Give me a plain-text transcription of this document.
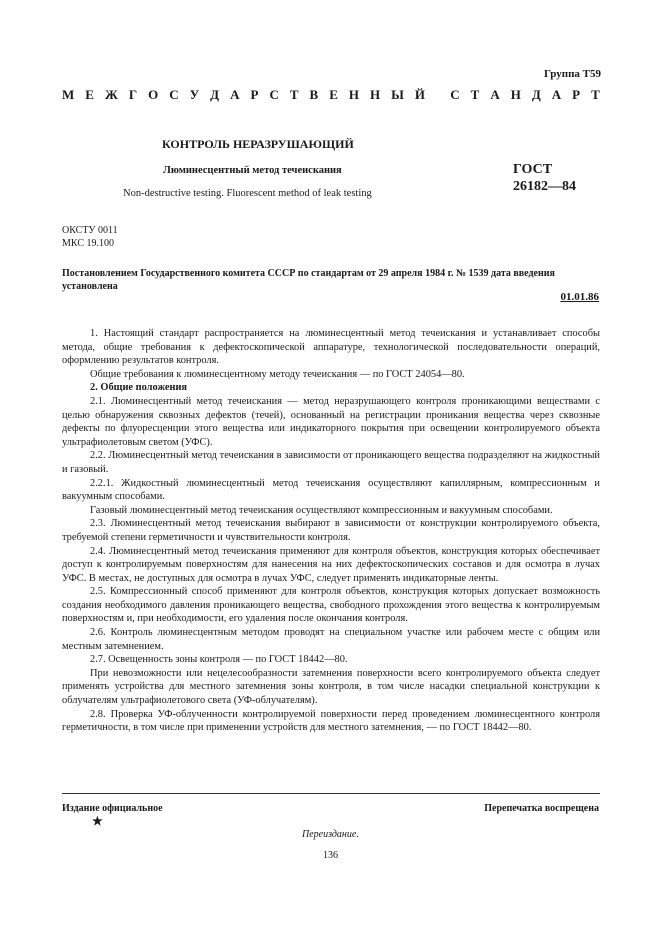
Группа Т59
М Е Ж Г О С У Д А Р С Т В Е Н Н Ы Й
С Т А Н Д А Р Т
КОНТРОЛЬ НЕРАЗРУШАЮЩИЙ
Люминесцентный метод течеискания	ГОСТ
26182—84
Non-destructive testing. Fluorescent method of leak testing
ОКСТУ 0011
МКС 19.100
Постановлением Государственного комитета СССР по стандартам от 29 апреля 1984 г. № 1539 дата введения установлена
01.01.86

1. Настоящий стандарт распространяется на люминесцентный метод течеискания и устанавливает способы метода, общие требования к дефектоскопической аппаратуре, технологической последовательности операций, оформлению результатов контроля.

Общие требования к люминесцентному методу течеискания — по ГОСТ 24054—80.

2. Общие положения

2.1. Люминесцентный метод течеискания — метод неразрушающего контроля проникающими веществами с целью обнаружения сквозных дефектов (течей), основанный на регистрации проникания вещества через сквозные дефекты по флуоресценции этого вещества или индикаторного покрытия при освещении контролируемого объекта ультрафиолетовым светом (УФС).

2.2. Люминесцентный метод течеискания в зависимости от проникающего вещества подразделяют на жидкостный и газовый.

2.2.1. Жидкостный люминесцентный метод течеискания осуществляют капиллярным, компрессионным и вакуумным способами.

Газовый люминесцентный метод течеискания осуществляют компрессионным и вакуумным способами.

2.3. Люминесцентный метод течеискания выбирают в зависимости от конструкции контролируемого объекта, требуемой степени герметичности и чувствительности контроля.

2.4. Люминесцентный метод течеискания применяют для контроля объектов, конструкция которых обеспечивает доступ к контролируемым поверхностям для нанесения на них дефектоскопических составов и для осмотра в лучах УФС. В местах, не доступных для осмотра в лучах УФС, следует применять индикаторные ленты.

2.5. Компрессионный способ применяют для контроля объектов, конструкция которых допускает возможность создания необходимого давления проникающего вещества, свободного прохождения этого вещества к контролируемым поверхностям и, при необходимости, его удаления после окончания контроля.

2.6. Контроль люминесцентным методом проводят на специальном участке или рабочем месте с общим или местным затемнением.

2.7. Освещенность зоны контроля — по ГОСТ 18442—80.

При невозможности или нецелесообразности затемнения поверхности всего контролируемого объекта следует применять устройства для местного затемнения зоны контроля, в том числе насадки специальной конструкции к облучателям ультрафиолетового света (УФ-облучателям).

2.8. Проверка УФ-облученности контролируемой поверхности перед проведением люминесцентного контроля герметичности, в том числе при применении устройств для местного затемнения, — по ГОСТ 18442—80.

Издание официальное	Перепечатка воспрещена
★
Переиздание.
136
